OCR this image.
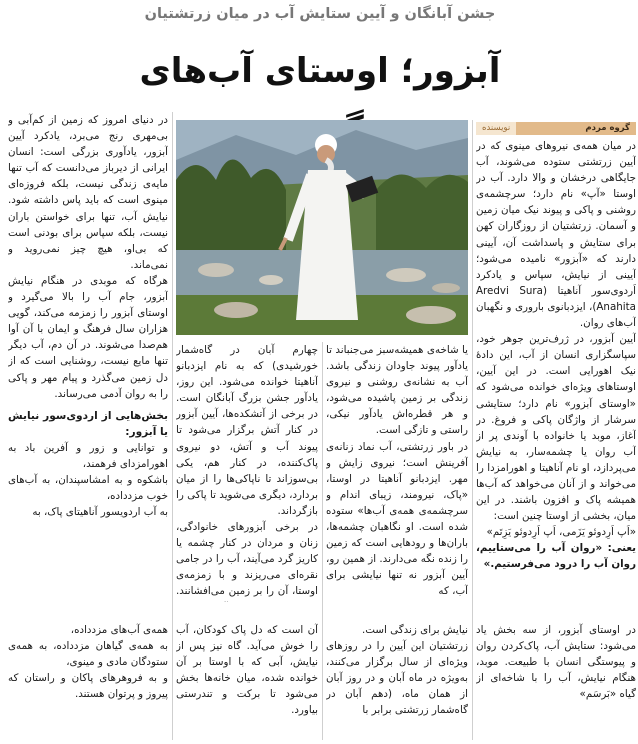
جشن آبانگان و آیین ستایش آب در میان زرتشتیان
آبزور؛ اوستای آب‌های
گروه مردم
نویسنده

در میان همه‌ی نیروهای مینوی که در آیین زرتشتی ستوده می‌شوند، آب جایگاهی درخشان و والا دارد. آب در اوستا «آپ» نام دارد؛ سرچشمه‌ی روشنی و پاکی و پیوند نیک میان زمین و آسمان. زرتشتیان از روزگاران کهن برای ستایش و پاسداشت آن، آیینی دارند که «آبزور» نامیده می‌شود؛ آیینی از نیایش، سپاس و یادکرد اَردوی‌سور آناهیتا (Aredvi Sura Anahita)، ایزدبانوی باروری و نگهبان آب‌های روان.

آیین آبزور، در ژرف‌ترین جوهر خود، سپاسگزاری انسان از آب، این دادهٔ نیک اهورایی است. در این آیین، اوستاهای ویژه‌ای خوانده می‌شود که «اوستای آبزور» نام دارد؛ ستایشی سرشار از واژگان پاکی و فروغ. در آغاز، موبد یا خانواده با آوندی پر از آب روان یا چشمه‌سار، به نیایش می‌پردازد، او نام آناهیتا و اهورامزدا را می‌خواند و از آنان می‌خواهد که آب‌ها همیشه پاک و افزون باشند. در این میان، بخشی از اوستا چنین است:

«اَپ اَرِدوئو یَزَمی، اَپ اَرِدوئو یَزِتَم»

یعنی: «روان آب را می‌ستاییم، روان آب را درود می‌فرستیم.»

در اوستای آبزور، از سه بخش یاد می‌شود: ستایش آب، پاک‌کردن روان و پیوستگی انسان با طبیعت. موبد، هنگام نیایش، آب را با شاخه‌ای از گیاه «بَرسَم»

یا شاخه‌ی همیشه‌سبز می‌جنباند تا یادآور پیوند جاودان زندگی باشد. آب به نشانه‌ی روشنی و نیروی زندگی بر زمین پاشیده می‌شود، و هر قطره‌اش یادآور نیکی، راستی و تازگی است.

در باور زرتشتی، آب نماد زنانه‌ی آفرینش است؛ نیروی زایش و مهر. ایزدبانو آناهیتا در اوستا، «پاک، نیرومند، زیبای اندام و سرچشمه‌ی همه‌ی آب‌ها» ستوده شده است. او نگاهبان چشمه‌ها، باران‌ها و رودهایی است که زمین را زنده نگه می‌دارند. از همین رو، آیین آبزور نه تنها نیایشی برای آب، که

چهارم آبان در گاه‌شمار خورشیدی) که به نام ایزدبانو آناهیتا خوانده می‌شود. این روز، یادآور جشن بزرگ آبانگان است. در برخی از آتشکده‌ها، آیین آبزور در کنار آتش برگزار می‌شود تا پیوند آب و آتش، دو نیروی پاک‌کننده، در کنار هم، یکی بی‌سوزاند تا ناپاکی‌ها را از میان بردارد، دیگری می‌شوید تا پاکی را بازگرداند.

در برخی آبزورهای خانوادگی، زنان و مردان در کنار چشمه یا کاریز گرد می‌آیند، آب را در جامی نقره‌ای می‌ریزند و با زمزمه‌ی اوستا، آن را بر زمین می‌افشانند.

نیایش برای زندگی است.

زرتشتیان این آیین را در روزهای ویژه‌ای از سال برگزار می‌کنند، به‌ویژه در ماه آبان و در روز آبان از همان ماه، (دهم آبان در گاه‌شمار زرتشتی برابر با

آن است که دل پاک کودکان، آب را خوش می‌آید. گاه نیز پس از نیایش، آبی که با اوستا بر آن خوانده شده، میان خانه‌ها بخش می‌شود تا برکت و تندرستی بیاورد.

در دنیای امروز که زمین از کم‌آبی و بی‌مهری رنج می‌برد، یادکرد آیین آبزور، یادآوری بزرگی است: انسان ایرانی از دیرباز می‌دانست که آب تنها مایه‌ی زندگی نیست، بلکه فروزه‌ای مینوی است که باید پاس داشته شود. نیایش آب، تنها برای خواستن باران نیست، بلکه سپاس برای بودنی است که بی‌او، هیچ چیز نمی‌روید و نمی‌ماند.

هرگاه که موبدی در هنگام نیایش آبزور، جام آب را بالا می‌گیرد و اوستای آبزور را زمزمه می‌کند، گویی هزاران سال فرهنگ و ایمان با آن آوا هم‌صدا می‌شوند. در آن دم، آب دیگر تنها مایع نیست، روشنایی است که از دل زمین می‌گذرد و پیام مهر و پاکی را به روان آدمی می‌رساند.

بخش‌هایی از اردوی‌سور نیایش یا آبزور:

و توانایی و زور و آفرین باد به اهورامزدای فرهمند،

باشکوه و به امشاسپندان، به آب‌های خوب مزدداده،

به آب اردویسور آناهیتای پاک، به

همه‌ی آب‌های مزدداده،

به همه‌ی گیاهان مزدداده، به همه‌ی ستودگان مادی و مینوی،

و به فروهرهای پاکان و راستان که پیروز و پرتوان هستند.
